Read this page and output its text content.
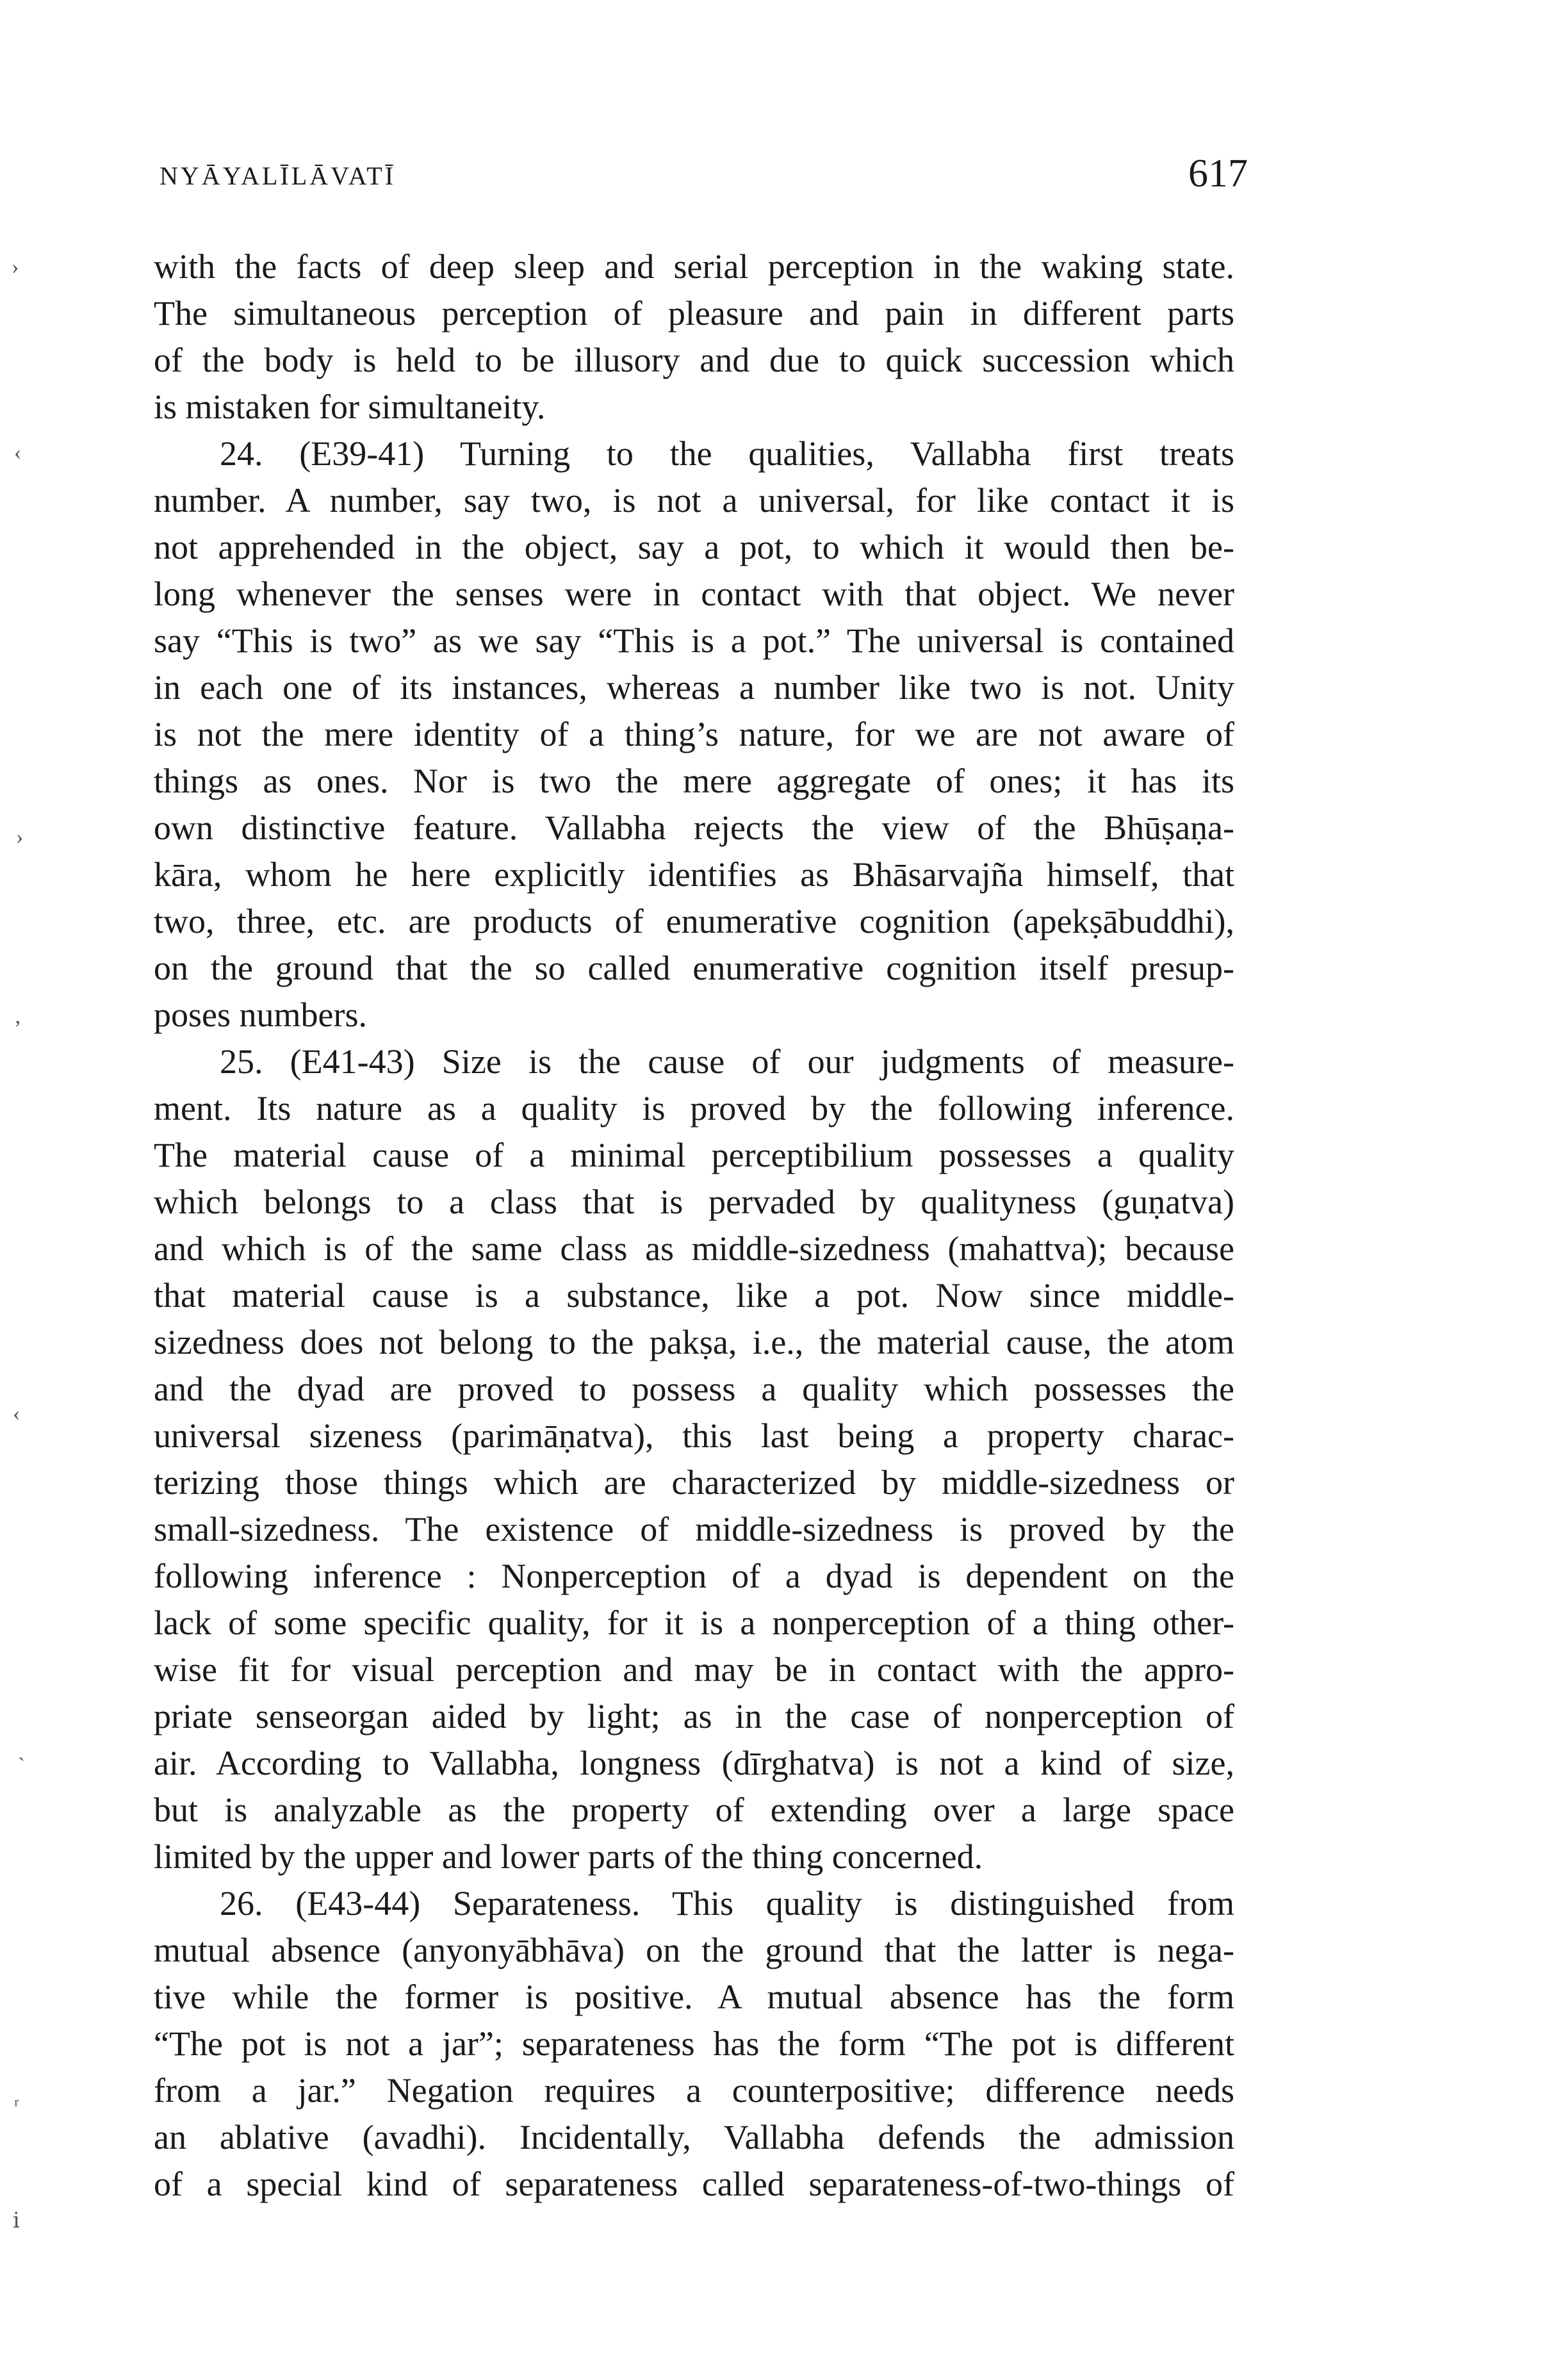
NYĀYALĪLĀVATĪ	617
with the facts of deep sleep and serial perception in the waking state.
The simultaneous perception of pleasure and pain in different parts
of the body is held to be illusory and due to quick succession which
is mistaken for simultaneity.
24. (E39-41) Turning to the qualities, Vallabha first treats
number. A number, say two, is not a universal, for like contact it is
not apprehended in the object, say a pot, to which it would then be-
long whenever the senses were in contact with that object. We never
say “This is two” as we say “This is a pot.” The universal is contained
in each one of its instances, whereas a number like two is not. Unity
is not the mere identity of a thing’s nature, for we are not aware of
things as ones. Nor is two the mere aggregate of ones; it has its
own distinctive feature. Vallabha rejects the view of the Bhūṣaṇa-
kāra, whom he here explicitly identifies as Bhāsarvajña himself, that
two, three, etc. are products of enumerative cognition (apekṣābuddhi),
on the ground that the so called enumerative cognition itself presup-
poses numbers.
25. (E41-43) Size is the cause of our judgments of measure-
ment. Its nature as a quality is proved by the following inference.
The material cause of a minimal perceptibilium possesses a quality
which belongs to a class that is pervaded by qualityness (guṇatva)
and which is of the same class as middle-sizedness (mahattva); because
that material cause is a substance, like a pot. Now since middle-
sizedness does not belong to the pakṣa, i.e., the material cause, the atom
and the dyad are proved to possess a quality which possesses the
universal sizeness (parimāṇatva), this last being a property charac-
terizing those things which are characterized by middle-sizedness or
small-sizedness. The existence of middle-sizedness is proved by the
following inference : Nonperception of a dyad is dependent on the
lack of some specific quality, for it is a nonperception of a thing other-
wise fit for visual perception and may be in contact with the appro-
priate senseorgan aided by light; as in the case of nonperception of
air. According to Vallabha, longness (dīrghatva) is not a kind of size,
but is analyzable as the property of extending over a large space
limited by the upper and lower parts of the thing concerned.
26. (E43-44) Separateness. This quality is distinguished from
mutual absence (anyonyābhāva) on the ground that the latter is nega-
tive while the former is positive. A mutual absence has the form
“The pot is not a jar”; separateness has the form “The pot is different
from a jar.” Negation requires a counterpositive; difference needs
an ablative (avadhi). Incidentally, Vallabha defends the admission
of a special kind of separateness called separateness-of-two-things of
›
‹
›
‚
‹
ˋ
ʳ
ⅰ
